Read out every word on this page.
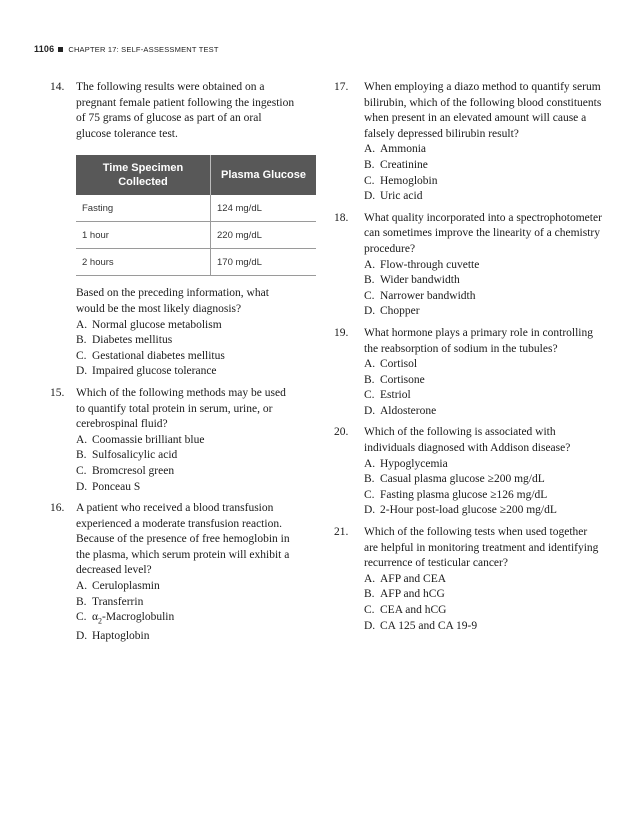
1106 CHAPTER 17: SELF-ASSESSMENT TEST
14. The following results were obtained on a pregnant female patient following the ingestion of 75 grams of glucose as part of an oral glucose tolerance test.

Time Specimen Collected	Plasma Glucose
Fasting	124 mg/dL
1 hour	220 mg/dL
2 hours	170 mg/dL

Based on the preceding information, what would be the most likely diagnosis?

A. Normal glucose metabolism
B. Diabetes mellitus
C. Gestational diabetes mellitus
D. Impaired glucose tolerance
15. Which of the following methods may be used to quantify total protein in serum, urine, or cerebrospinal fluid?

A. Coomassie brilliant blue
B. Sulfosalicylic acid
C. Bromcresol green
D. Ponceau S
16. A patient who received a blood transfusion experienced a moderate transfusion reaction. Because of the presence of free hemoglobin in the plasma, which serum protein will exhibit a decreased level?

A. Ceruloplasmin
B. Transferrin
C. $\alpha_2$-Macroglobulin
D. Haptoglobin
17. When employing a diazo method to quantify serum bilirubin, which of the following blood constituents when present in an elevated amount will cause a falsely depressed bilirubin result?

A. Ammonia
B. Creatinine
C. Hemoglobin
D. Uric acid
18. What quality incorporated into a spectrophotometer can sometimes improve the linearity of a chemistry procedure?

A. Flow-through cuvette
B. Wider bandwidth
C. Narrower bandwidth
D. Chopper
19. What hormone plays a primary role in controlling the reabsorption of sodium in the tubules?

A. Cortisol
B. Cortisone
C. Estriol
D. Aldosterone
20. Which of the following is associated with individuals diagnosed with Addison disease?

A. Hypoglycemia
B. Casual plasma glucose ≥200 mg/dL
C. Fasting plasma glucose ≥126 mg/dL
D. 2-Hour post-load glucose ≥200 mg/dL
21. Which of the following tests when used together are helpful in monitoring treatment and identifying recurrence of testicular cancer?

A. AFP and CEA
B. AFP and hCG
C. CEA and hCG
D. CA 125 and CA 19-9
